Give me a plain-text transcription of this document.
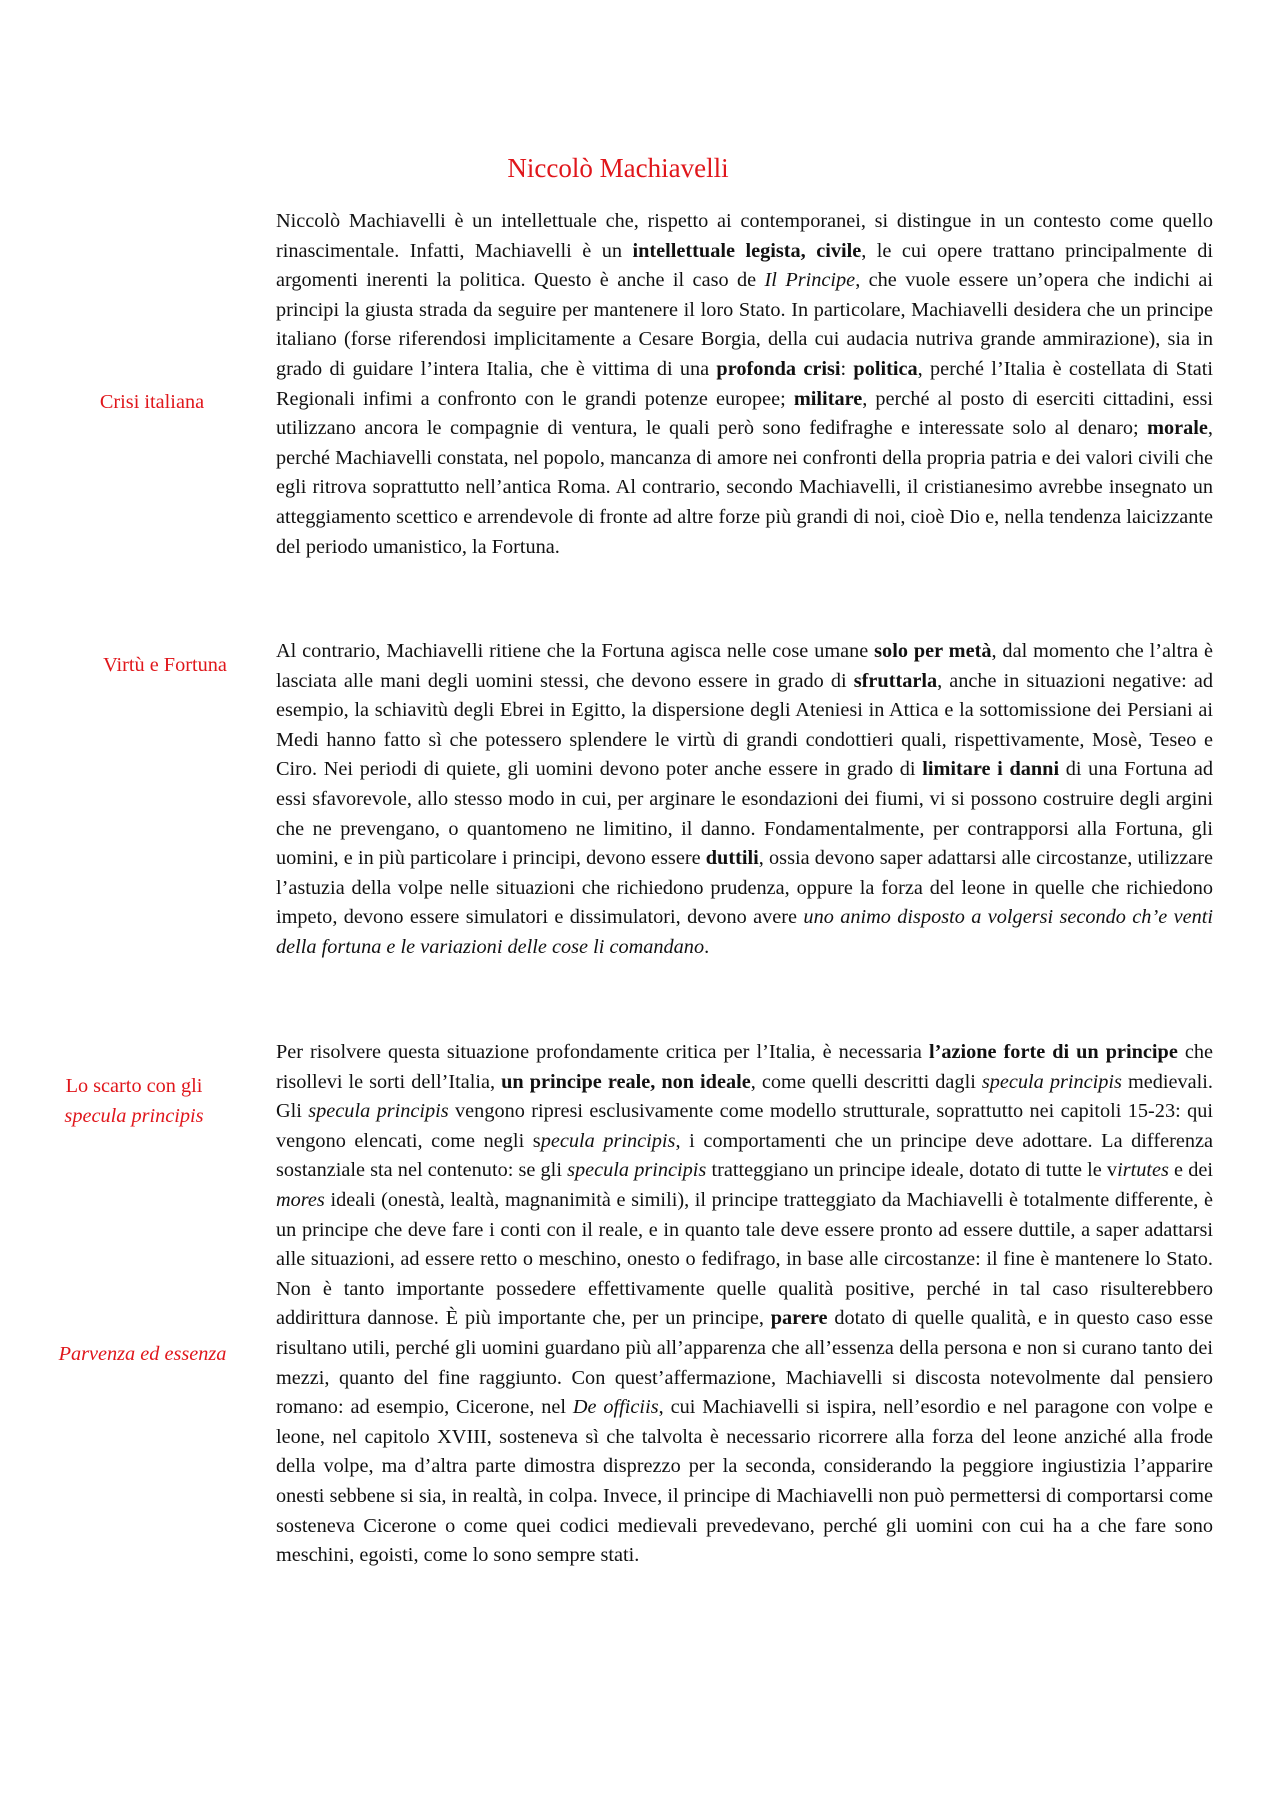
Niccolò Machiavelli

Crisi italiana

Virtù e Fortuna

Lo scarto con gli
specula principis

Parvenza ed essenza

Niccolò Machiavelli è un intellettuale che, rispetto ai contemporanei, si distingue in un contesto come quello rinascimentale. Infatti, Machiavelli è un intellettuale legista, civile, le cui opere trattano principalmente di argomenti inerenti la politica. Questo è anche il caso de Il Principe, che vuole essere un’opera che indichi ai principi la giusta strada da seguire per mantenere il loro Stato. In particolare, Machiavelli desidera che un principe italiano (forse riferendosi implicitamente a Cesare Borgia, della cui audacia nutriva grande ammirazione), sia in grado di guidare l’intera Italia, che è vittima di una profonda crisi: politica, perché l’Italia è costellata di Stati Regionali infimi a confronto con le grandi potenze europee; militare, perché al posto di eserciti cittadini, essi utilizzano ancora le compagnie di ventura, le quali però sono fedifraghe e interessate solo al denaro; morale, perché Machiavelli constata, nel popolo, mancanza di amore nei confronti della propria patria e dei valori civili che egli ritrova soprattutto nell’antica Roma. Al contrario, secondo Machiavelli, il cristianesimo avrebbe insegnato un atteggiamento scettico e arrendevole di fronte ad altre forze più grandi di noi, cioè Dio e, nella tendenza laicizzante del periodo umanistico, la Fortuna.

Al contrario, Machiavelli ritiene che la Fortuna agisca nelle cose umane solo per metà, dal momento che l’altra è lasciata alle mani degli uomini stessi, che devono essere in grado di sfruttarla, anche in situazioni negative: ad esempio, la schiavitù degli Ebrei in Egitto, la dispersione degli Ateniesi in Attica e la sottomissione dei Persiani ai Medi hanno fatto sì che potessero splendere le virtù di grandi condottieri quali, rispettivamente, Mosè, Teseo e Ciro. Nei periodi di quiete, gli uomini devono poter anche essere in grado di limitare i danni di una Fortuna ad essi sfavorevole, allo stesso modo in cui, per arginare le esondazioni dei fiumi, vi si possono costruire degli argini che ne prevengano, o quantomeno ne limitino, il danno. Fondamentalmente, per contrapporsi alla Fortuna, gli uomini, e in più particolare i principi, devono essere duttili, ossia devono saper adattarsi alle circostanze, utilizzare l’astuzia della volpe nelle situazioni che richiedono prudenza, oppure la forza del leone in quelle che richiedono impeto, devono essere simulatori e dissimulatori, devono avere uno animo disposto a volgersi secondo ch’e venti della fortuna e le variazioni delle cose li comandano.

Per risolvere questa situazione profondamente critica per l’Italia, è necessaria l’azione forte di un principe che risollevi le sorti dell’Italia, un principe reale, non ideale, come quelli descritti dagli specula principis medievali. Gli specula principis vengono ripresi esclusivamente come modello strutturale, soprattutto nei capitoli 15-23: qui vengono elencati, come negli specula principis, i comportamenti che un principe deve adottare. La differenza sostanziale sta nel contenuto: se gli specula principis tratteggiano un principe ideale, dotato di tutte le virtutes e dei mores ideali (onestà, lealtà, magnanimità e simili), il principe tratteggiato da Machiavelli è totalmente differente, è un principe che deve fare i conti con il reale, e in quanto tale deve essere pronto ad essere duttile, a saper adattarsi alle situazioni, ad essere retto o meschino, onesto o fedifrago, in base alle circostanze: il fine è mantenere lo Stato. Non è tanto importante possedere effettivamente quelle qualità positive, perché in tal caso risulterebbero addirittura dannose. È più importante che, per un principe, parere dotato di quelle qualità, e in questo caso esse risultano utili, perché gli uomini guardano più all’apparenza che all’essenza della persona e non si curano tanto dei mezzi, quanto del fine raggiunto. Con quest’affermazione, Machiavelli si discosta notevolmente dal pensiero romano: ad esempio, Cicerone, nel De officiis, cui Machiavelli si ispira, nell’esordio e nel paragone con volpe e leone, nel capitolo XVIII, sosteneva sì che talvolta è necessario ricorrere alla forza del leone anziché alla frode della volpe, ma d’altra parte dimostra disprezzo per la seconda, considerando la peggiore ingiustizia l’apparire onesti sebbene si sia, in realtà, in colpa. Invece, il principe di Machiavelli non può permettersi di comportarsi come sosteneva Cicerone o come quei codici medievali prevedevano, perché gli uomini con cui ha a che fare sono meschini, egoisti, come lo sono sempre stati.
